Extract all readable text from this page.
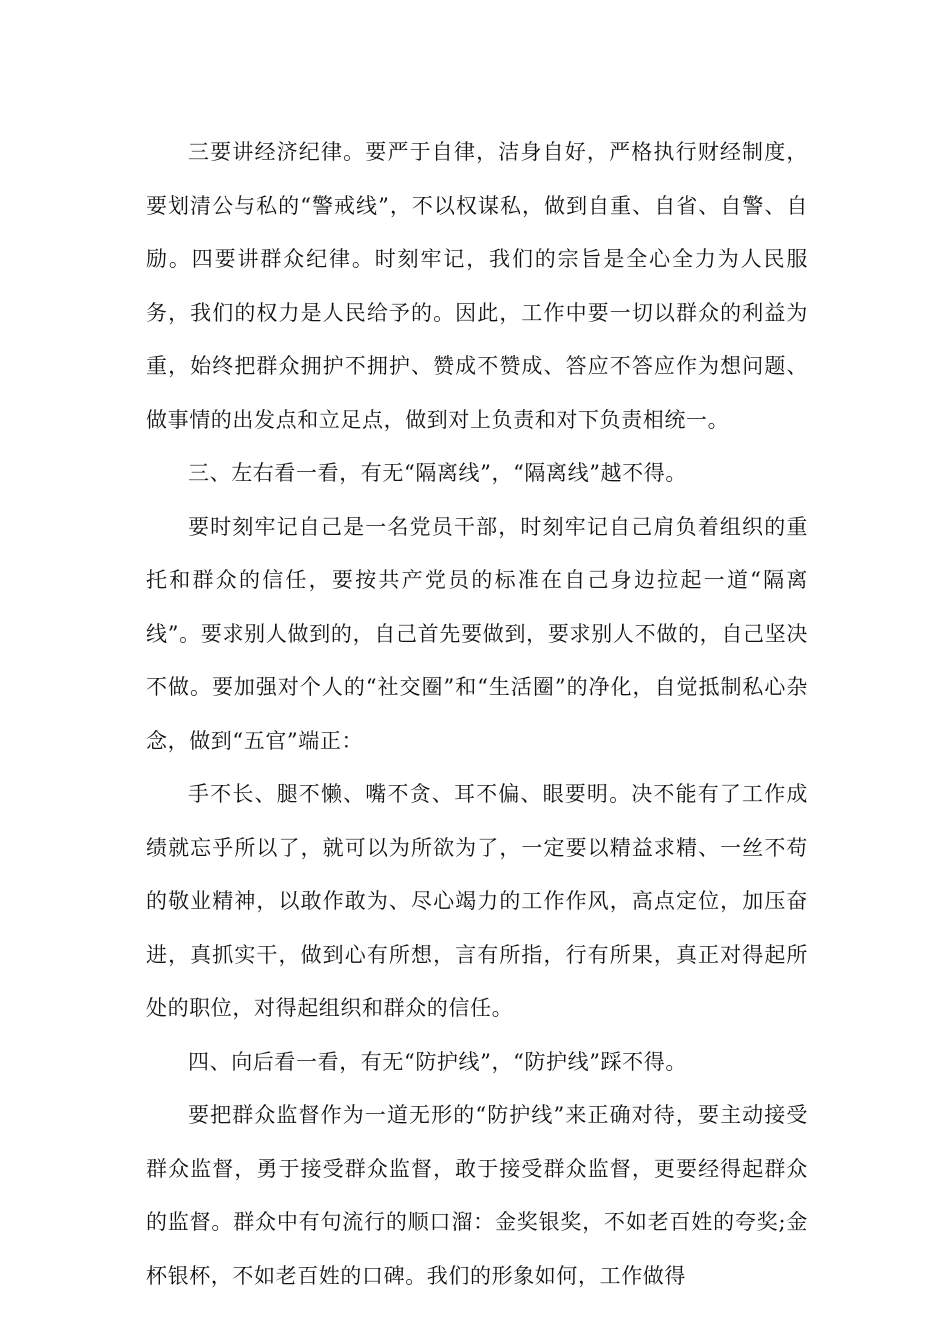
三要讲经济纪律。要严于自律，洁身自好，严格执行财经制度，要划清公与私的“警戒线”，不以权谋私，做到自重、自省、自警、自励。四要讲群众纪律。时刻牢记，我们的宗旨是全心全力为人民服务，我们的权力是人民给予的。因此，工作中要一切以群众的利益为重，始终把群众拥护不拥护、赞成不赞成、答应不答应作为想问题、做事情的出发点和立足点，做到对上负责和对下负责相统一。

三、左右看一看，有无“隔离线”，“隔离线”越不得。

要时刻牢记自己是一名党员干部，时刻牢记自己肩负着组织的重托和群众的信任，要按共产党员的标准在自己身边拉起一道“隔离线”。要求别人做到的，自己首先要做到，要求别人不做的，自己坚决不做。要加强对个人的“社交圈”和“生活圈”的净化，自觉抵制私心杂念，做到“五官”端正：

手不长、腿不懒、嘴不贪、耳不偏、眼要明。决不能有了工作成绩就忘乎所以了，就可以为所欲为了，一定要以精益求精、一丝不苟的敬业精神，以敢作敢为、尽心竭力的工作作风，高点定位，加压奋进，真抓实干，做到心有所想，言有所指，行有所果，真正对得起所处的职位，对得起组织和群众的信任。

四、向后看一看，有无“防护线”，“防护线”踩不得。

要把群众监督作为一道无形的“防护线”来正确对待，要主动接受群众监督，勇于接受群众监督，敢于接受群众监督，更要经得起群众的监督。群众中有句流行的顺口溜：金奖银奖，不如老百姓的夸奖;金杯银杯，不如老百姓的口碑。我们的形象如何，工作做得
